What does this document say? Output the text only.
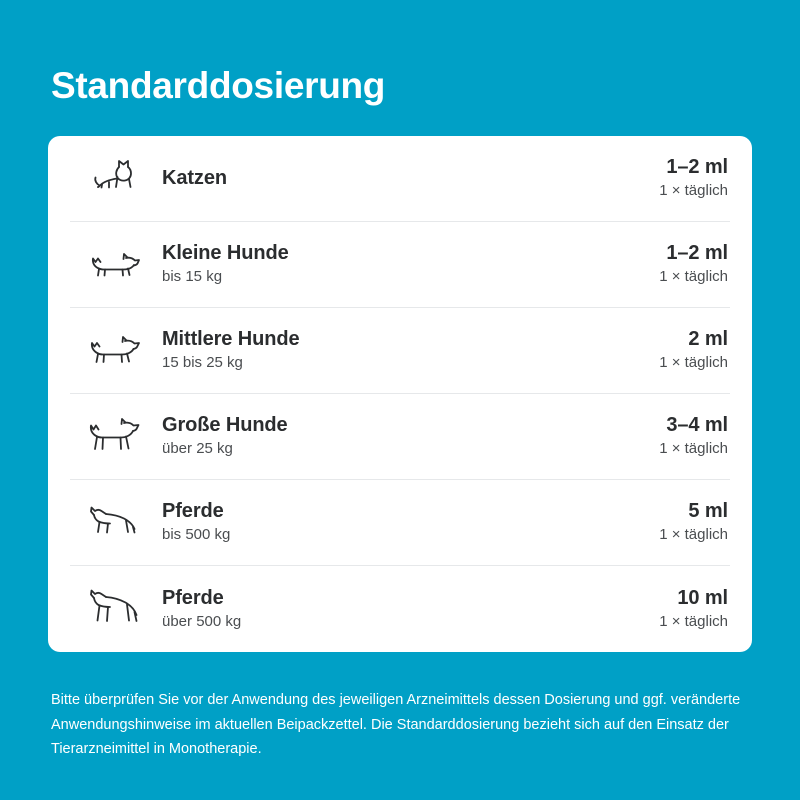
Standarddosierung
Katzen	1–2 ml
1 × täglich
Kleine Hunde
bis 15 kg
1–2 ml
1 × täglich
Mittlere Hunde
15 bis 25 kg
2 ml
1 × täglich
Große Hunde
über 25 kg
3–4 ml
1 × täglich
Pferde
bis 500 kg
5 ml
1 × täglich
Pferde
über 500 kg
10 ml
1 × täglich

Bitte überprüfen Sie vor der Anwendung des jeweiligen Arzneimittels dessen Dosierung und ggf. veränderte Anwendungshinweise im aktuellen Beipackzettel. Die Standarddosierung bezieht sich auf den Einsatz der Tierarzneimittel in Monotherapie.
